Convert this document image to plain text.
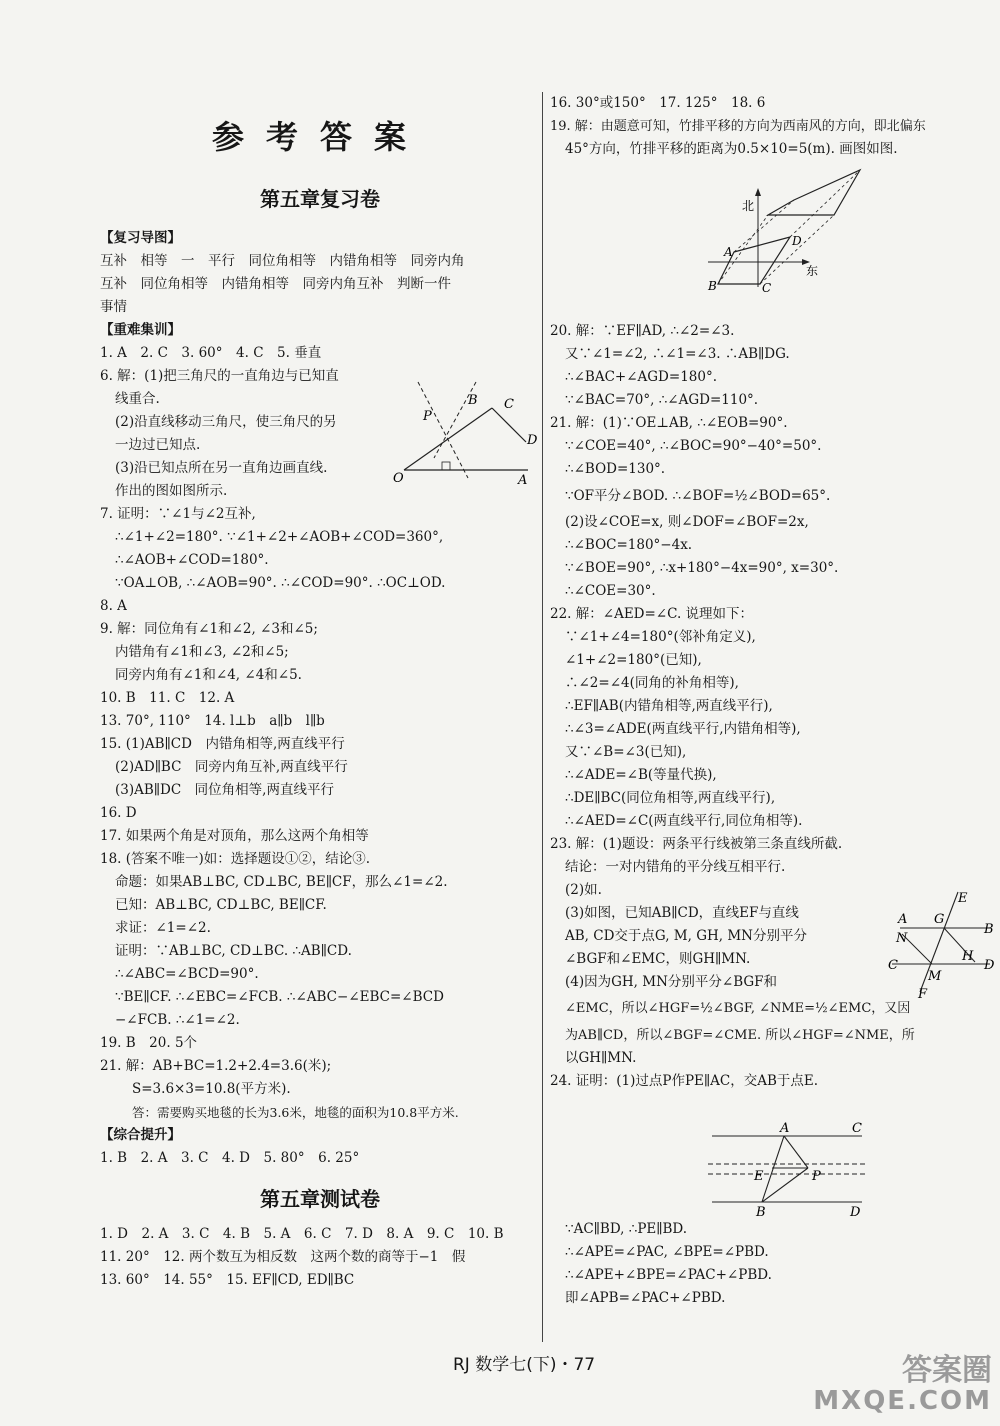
参考答案
第五章复习卷
【复习导图】
互补　相等　一　平行　同位角相等　内错角相等　同旁内角
互补　同位角相等　内错角相等　同旁内角互补　判断一件
事情
【重难集训】
1. A　2. C　3. 60°　4. C　5. 垂直
6. 解：(1)把三角尺的一直角边与已知直
线重合.
(2)沿直线移动三角尺，使三角尺的另
一边过已知点.
(3)沿已知点所在另一直角边画直线.
作出的图如图所示.
7. 证明：∵∠1与∠2互补,
∴∠1+∠2=180°. ∵∠1+∠2+∠AOB+∠COD=360°,
∴∠AOB+∠COD=180°.
∵OA⊥OB, ∴∠AOB=90°. ∴∠COD=90°. ∴OC⊥OD.
8. A
9. 解：同位角有∠1和∠2, ∠3和∠5;
内错角有∠1和∠3, ∠2和∠5;
同旁内角有∠1和∠4, ∠4和∠5.
10. B　11. C　12. A
13. 70°, 110°　14. l⊥b　a∥b　l∥b
15. (1)AB∥CD　内错角相等,两直线平行
(2)AD∥BC　同旁内角互补,两直线平行
(3)AB∥DC　同位角相等,两直线平行
16. D
17. 如果两个角是对顶角，那么这两个角相等
18. (答案不唯一)如：选择题设①②，结论③.
命题：如果AB⊥BC, CD⊥BC, BE∥CF，那么∠1=∠2.
已知：AB⊥BC, CD⊥BC, BE∥CF.
求证：∠1=∠2.
证明：∵AB⊥BC, CD⊥BC. ∴AB∥CD.
∴∠ABC=∠BCD=90°.
∵BE∥CF. ∴∠EBC=∠FCB. ∴∠ABC−∠EBC=∠BCD
−∠FCB. ∴∠1=∠2.
19. B　20. 5个
21. 解：AB+BC=1.2+2.4=3.6(米);
S=3.6×3=10.8(平方米).
答：需要购买地毯的长为3.6米，地毯的面积为10.8平方米.
【综合提升】
1. B　2. A　3. C　4. D　5. 80°　6. 25°
第五章测试卷
1. D　2. A　3. C　4. B　5. A　6. C　7. D　8. A　9. C　10. B
11. 20°　12. 两个数互为相反数　这两个数的商等于−1　假
13. 60°　14. 55°　15. EF∥CD, ED∥BC
P
B C
D
O	A
16. 30°或150°　17. 125°　18. 6
19. 解：由题意可知，竹排平移的方向为西南风的方向，即北偏东
45°方向，竹排平移的距离为0.5×10=5(m). 画图如图.
北
东
A
D
B	C
20. 解：∵EF∥AD, ∴∠2=∠3.
又∵∠1=∠2, ∴∠1=∠3. ∴AB∥DG.
∴∠BAC+∠AGD=180°.
∵∠BAC=70°, ∴∠AGD=110°.
21. 解：(1)∵OE⊥AB, ∴∠EOB=90°.
∵∠COE=40°, ∴∠BOC=90°−40°=50°.
∴∠BOD=130°.
∵OF平分∠BOD. ∴∠BOF=½∠BOD=65°.
(2)设∠COE=x, 则∠DOF=∠BOF=2x,
∴∠BOC=180°−4x.
∵∠BOE=90°, ∴x+180°−4x=90°, x=30°.
∴∠COE=30°.
22. 解：∠AED=∠C. 说理如下：
∵∠1+∠4=180°(邻补角定义),
∠1+∠2=180°(已知),
∴∠2=∠4(同角的补角相等),
∴EF∥AB(内错角相等,两直线平行),
∴∠3=∠ADE(两直线平行,内错角相等),
又∵∠B=∠3(已知),
∴∠ADE=∠B(等量代换),
∴DE∥BC(同位角相等,两直线平行),
∴∠AED=∠C(两直线平行,同位角相等).
23. 解：(1)题设：两条平行线被第三条直线所截.
结论：一对内错角的平分线互相平行.
(2)如.
(3)如图，已知AB∥CD，直线EF与直线
AB, CD交于点G, M, GH, MN分别平分
∠BGF和∠EMC，则GH∥MN.
(4)因为GH, MN分别平分∠BGF和
∠EMC，所以∠HGF=½∠BGF, ∠NME=½∠EMC，又因
为AB∥CD，所以∠BGF=∠CME. 所以∠HGF=∠NME，所
以GH∥MN.
24. 证明：(1)过点P作PE∥AC，交AB于点E.
E
A G
B
N
H
C
M
D
F
A	C
E	P
B	D
∵AC∥BD, ∴PE∥BD.
∴∠APE=∠PAC, ∠BPE=∠PBD.
∴∠APE+∠BPE=∠PAC+∠PBD.
即∠APB=∠PAC+∠PBD.
RJ 数学七(下)・77	答案圈
MXQE.COM
